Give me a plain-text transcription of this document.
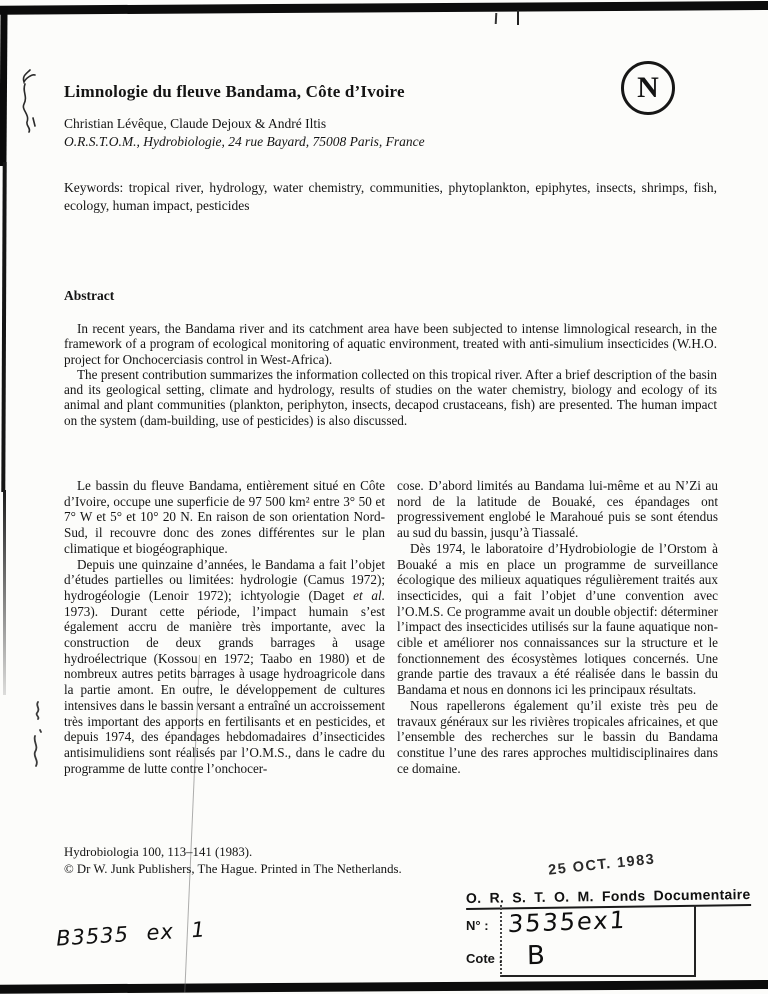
Limnologie du fleuve Bandama, Côte d’Ivoire	N
Christian Lévêque, Claude Dejoux & André Iltis
O.R.S.T.O.M., Hydrobiologie, 24 rue Bayard, 75008 Paris, France
Keywords: tropical river, hydrology, water chemistry, communities, phytoplankton, epiphytes, insects, shrimps, fish, ecology, human impact, pesticides
Abstract

In recent years, the Bandama river and its catchment area have been subjected to intense limnological research, in the framework of a program of ecological monitoring of aquatic environment, treated with anti-simulium insecticides (W.H.O. project for Onchocerciasis control in West-Africa).

The present contribution summarizes the information collected on this tropical river. After a brief description of the basin and its geological setting, climate and hydrology, results of studies on the water chemistry, biology and ecology of its animal and plant communities (plankton, periphyton, insects, decapod crustaceans, fish) are presented. The human impact on the system (dam-building, use of pesticides) is also discussed.

Le bassin du fleuve Bandama, entièrement situé en Côte d’Ivoire, occupe une superficie de 97 500 km² entre 3° 50 et 7° W et 5° et 10° 20 N. En raison de son orientation Nord-Sud, il recouvre donc des zones différentes sur le plan climatique et biogéographique.

Depuis une quinzaine d’années, le Bandama a fait l’objet d’études partielles ou limitées: hydrologie (Camus 1972); hydrogéologie (Lenoir 1972); ichtyologie (Daget et al. 1973). Durant cette période, l’impact humain s’est également accru de manière très importante, avec la construction de deux grands barrages à usage hydroélectrique (Kossou en 1972; Taabo en 1980) et de nombreux autres petits barrages à usage hydroagricole dans la partie amont. En outre, le développement de cultures intensives dans le bassin versant a entraîné un accroissement très important des apports en fertilisants et en pesticides, et depuis 1974, des épandages hebdomadaires d’insecticides antisimulidiens sont réalisés par l’O.M.S., dans le cadre du programme de lutte contre l’onchocer-

cose. D’abord limités au Bandama lui-même et au N’Zi au nord de la latitude de Bouaké, ces épandages ont progressivement englobé le Marahoué puis se sont étendus au sud du bassin, jusqu’à Tiassalé.

Dès 1974, le laboratoire d’Hydrobiologie de l’Orstom à Bouaké a mis en place un programme de surveillance écologique des milieux aquatiques régulièrement traités aux insecticides, qui a fait l’objet d’une convention avec l’O.M.S. Ce programme avait un double objectif: déterminer l’impact des insecticides utilisés sur la faune aquatique non-cible et améliorer nos connaissances sur la structure et le fonctionnement des écosystèmes lotiques concernés. Une grande partie des travaux a été réalisée dans le bassin du Bandama et nous en donnons ici les principaux résultats.

Nous rapellerons également qu’il existe très peu de travaux généraux sur les rivières tropicales africaines, et que l’ensemble des recherches sur le bassin du Bandama constitue l’une des rares approches multidisciplinaires dans ce domaine.

Hydrobiologia 100, 113–141 (1983).
© Dr W. Junk Publishers, The Hague. Printed in The Netherlands.	25 OCT. 1983
O. R. S. T. O. M. Fonds Documentaire
N° : 3535ex1
Cote : B
B3535 ex 1
